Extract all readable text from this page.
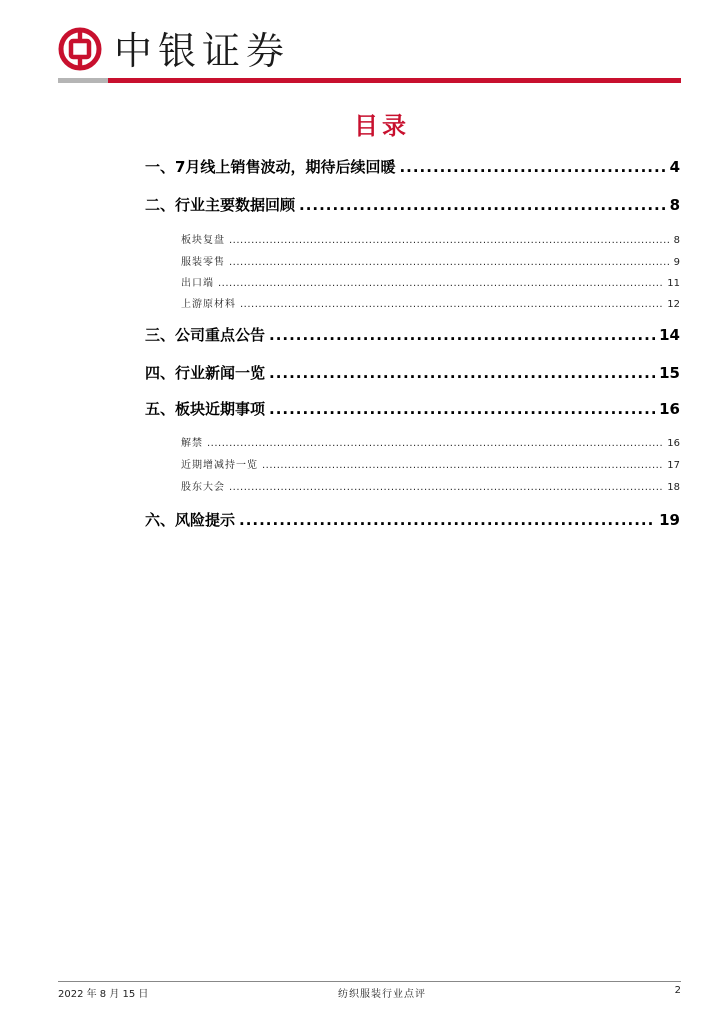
中银证券
目录
一、7月线上销售波动，期待后续回暖 .....	4
二、行业主要数据回顾 .....	8
板块复盘 .....	8
服装零售 .....	9
出口端 .....	11
上游原材料 .....	12
三、公司重点公告 .....	14
四、行业新闻一览 .....	15
五、板块近期事项 .....	16
解禁 .....	16
近期增减持一览 .....	17
股东大会 .....	18
六、风险提示 .....	19
2022 年 8 月 15 日	纺织服装行业点评	2
